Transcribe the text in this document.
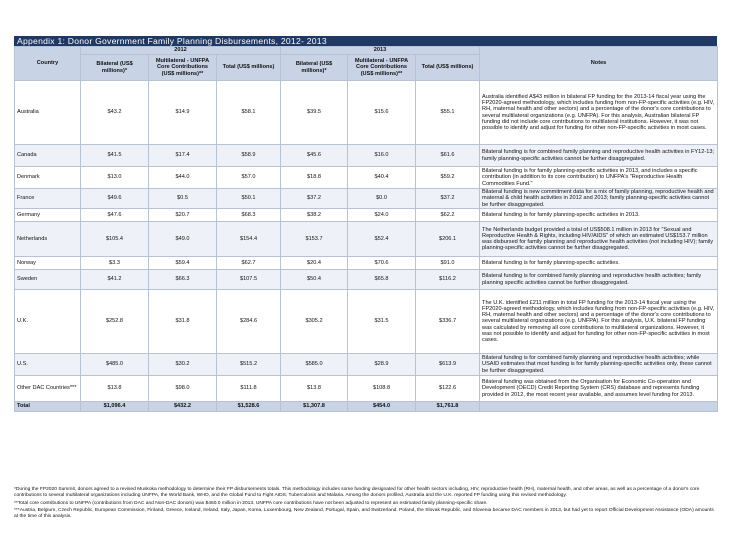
Appendix 1: Donor Government Family Planning Disbursements, 2012- 2013
Country	2012			2013			Notes
	Bilateral (US$ millions)*	Multilateral - UNFPA Core Contributions (US$ millions)**	Total (US$ millions)	Bilateral (US$ millions)*	Multilateral - UNFPA Core Contributions (US$ millions)**	Total (US$ millions)	
Australia	$43.2	$14.9	$58.1	$39.5	$15.6	$55.1	Australia identified A$43 million in bilateral FP funding for the 2013-14 fiscal year using the FP2020-agreed methodology, which includes funding from non-FP-specific activities (e.g. HIV, RH, maternal health and other sectors) and a percentage of the donor's core contributions to several multilateral organizations (e.g. UNFPA). For this analysis, Australian bilateral FP funding did not include core contributions to multilateral institutions. However, it was not possible to identify and adjust for funding for other non-FP-specific activities in most cases.
Canada	$41.5	$17.4	$58.9	$45.6	$16.0	$61.6	Bilateral funding is for combined family planning and reproductive health activities in FY12-13; family planning-specific activities cannot be further disaggregated.
Denmark	$13.0	$44.0	$57.0	$18.8	$40.4	$59.2	Bilateral funding is for family planning-specific activities in 2013, and includes a specific contribution (in addition to its core contribution) to UNFPA's "Reproductive Health Commodities Fund."
France	$49.6	$0.5	$50.1	$37.2	$0.0	$37.2	Bilateral funding is new commitment data for a mix of family planning, reproductive health and maternal & child health activities in 2012 and 2013; family planning-specific activities cannot be further disaggregated.
Germany	$47.6	$20.7	$68.3	$38.2	$24.0	$62.2	Bilateral funding is for family planning-specific activities in 2013.
Netherlands	$105.4	$49.0	$154.4	$153.7	$52.4	$206.1	The Netherlands budget provided a total of US$508.1 million in 2013 for "Sexual and Reproductive Health & Rights, including HIV/AIDS" of which an estimated US$153.7 million was disbursed for family planning and reproductive health activities (not including HIV); family planning-specific activities cannot be further disaggregated.
Norway	$3.3	$59.4	$62.7	$20.4	$70.6	$91.0	Bilateral funding is for family planning-specific activities.
Sweden	$41.2	$66.3	$107.5	$50.4	$65.8	$116.2	Bilateral funding is for combined family planning and reproductive health activities; family planning specific activities cannot be further disaggregated.
U.K.	$252.8	$31.8	$284.6	$305.2	$31.5	$336.7	The U.K. identified £211 million in total FP funding for the 2013-14 fiscal year using the FP2020-agreed methodology, which includes funding from non-FP-specific activities (e.g. HIV, RH, maternal health and other sectors) and a percentage of the donor's core contributions to several multilateral organizations (e.g. UNFPA). For this analysis, U.K. bilateral FP funding was calculated by removing all core contributions to multilateral organizations. However, it was not possible to identify and adjust for funding for other non-FP-specific activities in most cases.
U.S.	$485.0	$30.2	$515.2	$585.0	$28.9	$613.9	Bilateral funding is for combined family planning and reproductive health activities; while USAID estimates that most funding is for family planning-specific activities only, these cannot be further disaggregated.
Other DAC Countries***	$13.8	$98.0	$111.8	$13.8	$108.8	$122.6	Bilateral funding was obtained from the Organisation for Economic Co-operation and Development (OECD) Credit Reporting System (CRS) database and represents funding provided in 2012, the most recent year available, and assumes level funding for 2013.
Total	$1,096.4	$432.2	$1,528.6	$1,307.8	$454.0	$1,761.8	

*During the FP2020 Summit, donors agreed to a revised Muskoka methodology to determine their FP disbursements totals. This methodology includes some funding designated for other health sectors including, HIV, reproductive health (RH), maternal health, and other areas, as well as a percentage of a donor's core contributions to several multilateral organizations including UNFPA, the World Bank, WHO, and the Global Fund to Fight AIDS, Tuberculosis and Malaria. Among the donors profiled, Australia and the U.K. reported FP funding using this revised methodology.

**Total core contributions to UNFPA (contributions from DAC and Non-DAC donors) was $460.0 million in 2013. UNFPA core contributions have not been adjusted to represent an estimated family planning-specific share.

***Austria, Belgium, Czech Republic, European Commission, Finland, Greece, Iceland, Ireland, Italy, Japan, Korea, Luxembourg, New Zealand, Portugal, Spain, and Switzerland. Poland, the Slovak Republic, and Slovenia became DAC members in 2013, but had yet to report Official Development Assistance (ODA) amounts at the time of this analysis.
